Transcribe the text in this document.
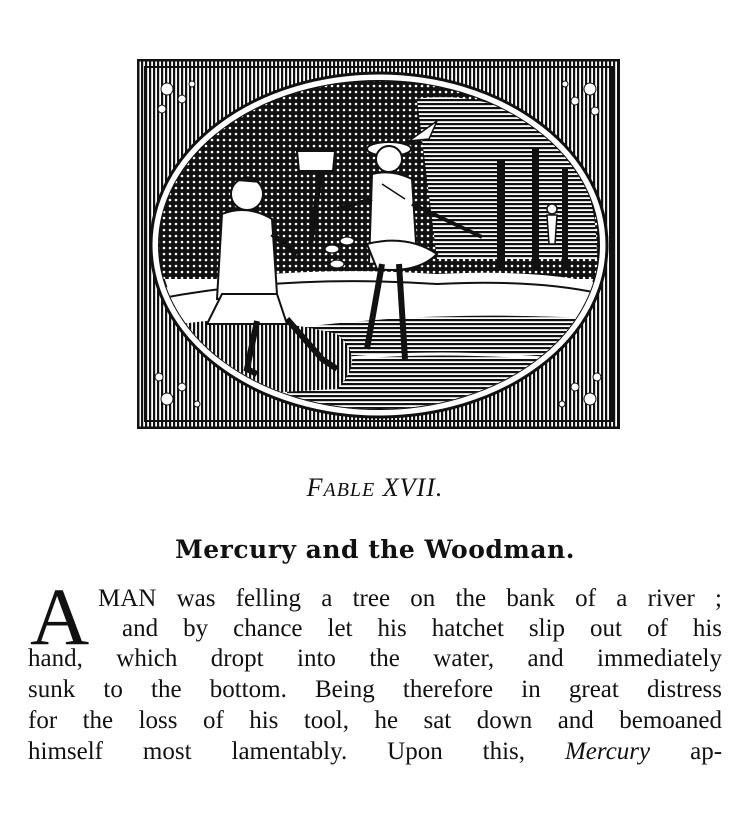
FABLE XVII.
Mercury and the Woodman.
A MAN was felling a tree on the bank of a river ;
and by chance let his hatchet slip out of his
hand, which dropt into the water, and immediately
sunk to the bottom. Being therefore in great distress
for the loss of his tool, he sat down and bemoaned
himself most lamentably. Upon this, Mercury ap-
